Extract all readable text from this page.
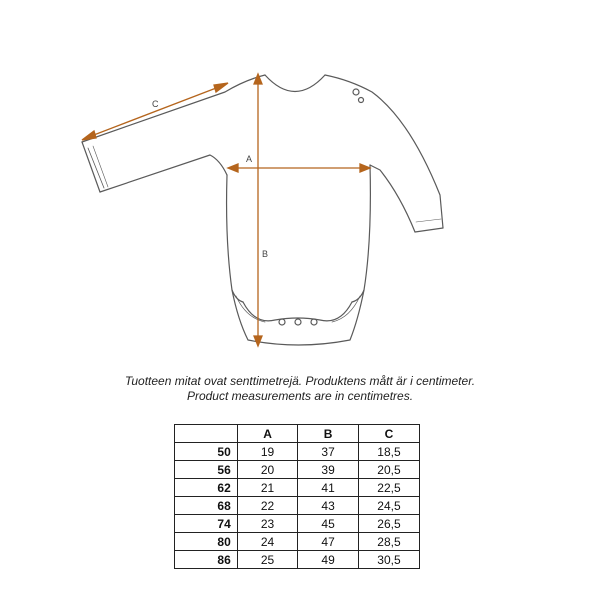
C
A
B
Tuotteen mitat ovat senttimetrejä. Produktens mått är i centimeter.
Product measurements are in centimetres.
	A	B	C
50	19	37	18,5
56	20	39	20,5
62	21	41	22,5
68	22	43	24,5
74	23	45	26,5
80	24	47	28,5
86	25	49	30,5
